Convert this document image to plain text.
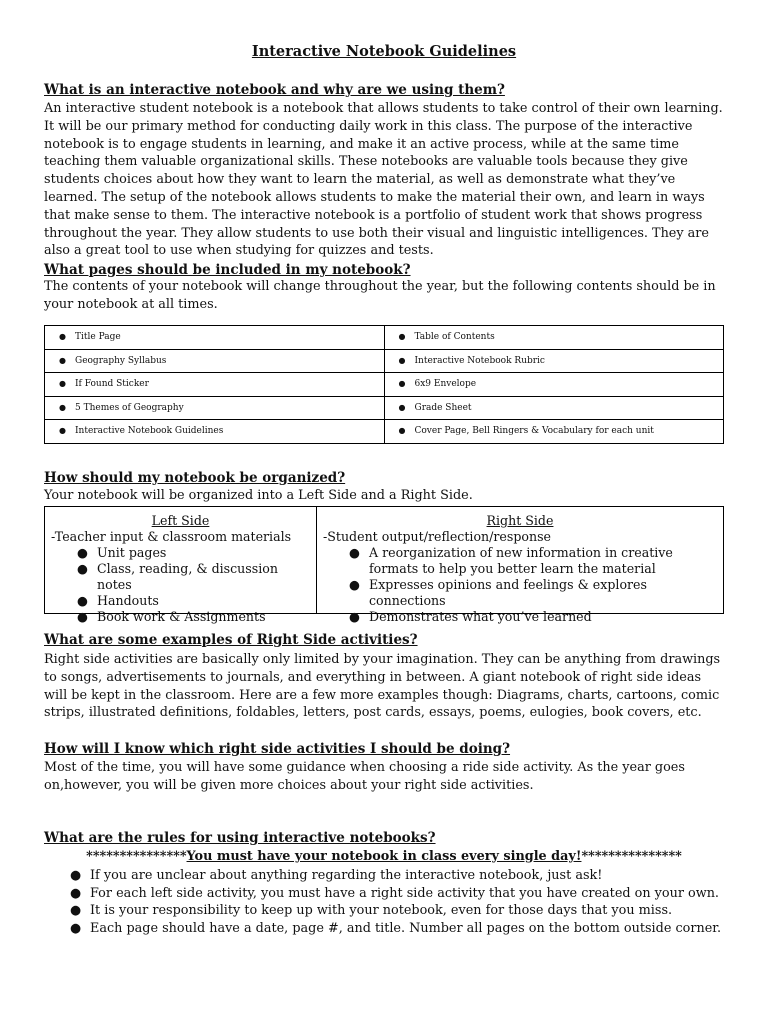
Interactive Notebook Guidelines
What is an interactive notebook and why are we using them?
An interactive student notebook is a notebook that allows students to take control of their own learning. It will be our primary method for conducting daily work in this class. The purpose of the interactive notebook is to engage students in learning, and make it an active process, while at the same time teaching them valuable organizational skills. These notebooks are valuable tools because they give students choices about how they want to learn the material, as well as demonstrate what they’ve learned. The setup of the notebook allows students to make the material their own, and learn in ways that make sense to them. The interactive notebook is a portfolio of student work that shows progress throughout the year. They allow students to use both their visual and linguistic intelligences. They are also a great tool to use when studying for quizzes and tests.
What pages should be included in my notebook?
The contents of your notebook will change throughout the year, but the following contents should be in your notebook at all times.
● Title Page	● Table of Contents
● Geography Syllabus	● Interactive Notebook Rubric
● If Found Sticker	● 6x9 Envelope
● 5 Themes of Geography	● Grade Sheet
● Interactive Notebook Guidelines	● Cover Page, Bell Ringers & Vocabulary for each unit
How should my notebook be organized?
Your notebook will be organized into a Left Side and a Right Side.
Left Side
-Teacher input & classroom materials
● Unit pages
● Class, reading, & discussion notes
● Handouts
● Book work & Assignments
Right Side
-Student output/reflection/response
● A reorganization of new information in creative formats to help you better learn the material
● Expresses opinions and feelings & explores connections
● Demonstrates what you’ve learned
What are some examples of Right Side activities?
Right side activities are basically only limited by your imagination. They can be anything from drawings to songs, advertisements to journals, and everything in between. A giant notebook of right side ideas will be kept in the classroom. Here are a few more examples though: Diagrams, charts, cartoons, comic strips, illustrated definitions, foldables, letters, post cards, essays, poems, eulogies, book covers, etc.
How will I know which right side activities I should be doing?
Most of the time, you will have some guidance when choosing a ride side activity. As the year goes on,however, you will be given more choices about your right side activities.
What are the rules for using interactive notebooks?
***************You must have your notebook in class every single day!***************
● If you are unclear about anything regarding the interactive notebook, just ask!
● For each left side activity, you must have a right side activity that you have created on your own.
● It is your responsibility to keep up with your notebook, even for those days that you miss.
● Each page should have a date, page #, and title. Number all pages on the bottom outside corner.
